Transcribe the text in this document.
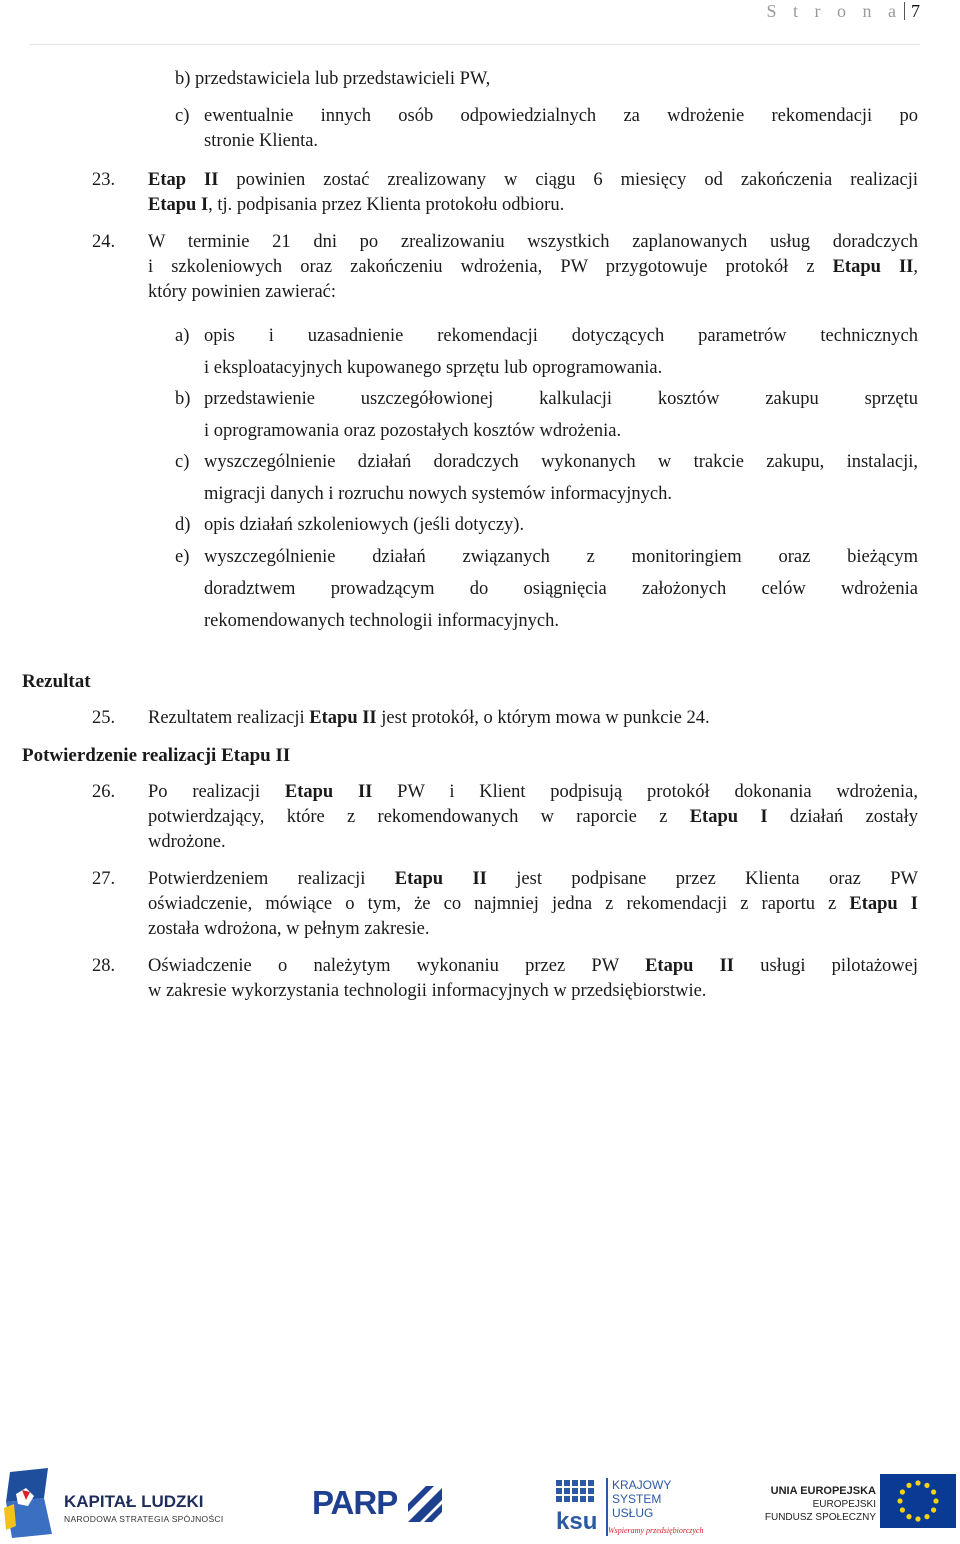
S t r o n a 7
b) przedstawiciela lub przedstawicieli PW,
c) ewentualnie innych osób odpowiedzialnych za wdrożenie rekomendacji po
stronie Klienta.
23. Etap II powinien zostać zrealizowany w ciągu 6 miesięcy od zakończenia realizacji
Etapu I, tj. podpisania przez Klienta protokołu odbioru.
24. W terminie 21 dni po zrealizowaniu wszystkich zaplanowanych usług doradczych
i szkoleniowych oraz zakończeniu wdrożenia, PW przygotowuje protokół z Etapu II,
który powinien zawierać:
a) opis i uzasadnienie rekomendacji dotyczących parametrów technicznych
i eksploatacyjnych kupowanego sprzętu lub oprogramowania.
b) przedstawienie uszczegółowionej kalkulacji kosztów zakupu sprzętu
i oprogramowania oraz pozostałych kosztów wdrożenia.
c) wyszczególnienie działań doradczych wykonanych w trakcie zakupu, instalacji,
migracji danych i rozruchu nowych systemów informacyjnych.
d) opis działań szkoleniowych (jeśli dotyczy).
e) wyszczególnienie działań związanych z monitoringiem oraz bieżącym
doradztwem prowadzącym do osiągnięcia założonych celów wdrożenia
rekomendowanych technologii informacyjnych.
Rezultat
25. Rezultatem realizacji Etapu II jest protokół, o którym mowa w punkcie 24.
Potwierdzenie realizacji Etapu II
26. Po realizacji Etapu II PW i Klient podpisują protokół dokonania wdrożenia,
potwierdzający, które z rekomendowanych w raporcie z Etapu I działań zostały
wdrożone.
27. Potwierdzeniem realizacji Etapu II jest podpisane przez Klienta oraz PW
oświadczenie, mówiące o tym, że co najmniej jedna z rekomendacji z raportu z Etapu I
została wdrożona, w pełnym zakresie.
28. Oświadczenie o należytym wykonaniu przez PW Etapu II usługi pilotażowej
w zakresie wykorzystania technologii informacyjnych w przedsiębiorstwie.
KAPITAŁ LUDZKI
NARODOWA STRATEGIA SPÓJNOŚCI	PARP
ksu
KRAJOWY
SYSTEM
USŁUG
Wspieramy przedsiębiorczych
UNIA EUROPEJSKA
EUROPEJSKI
FUNDUSZ SPOŁECZNY
